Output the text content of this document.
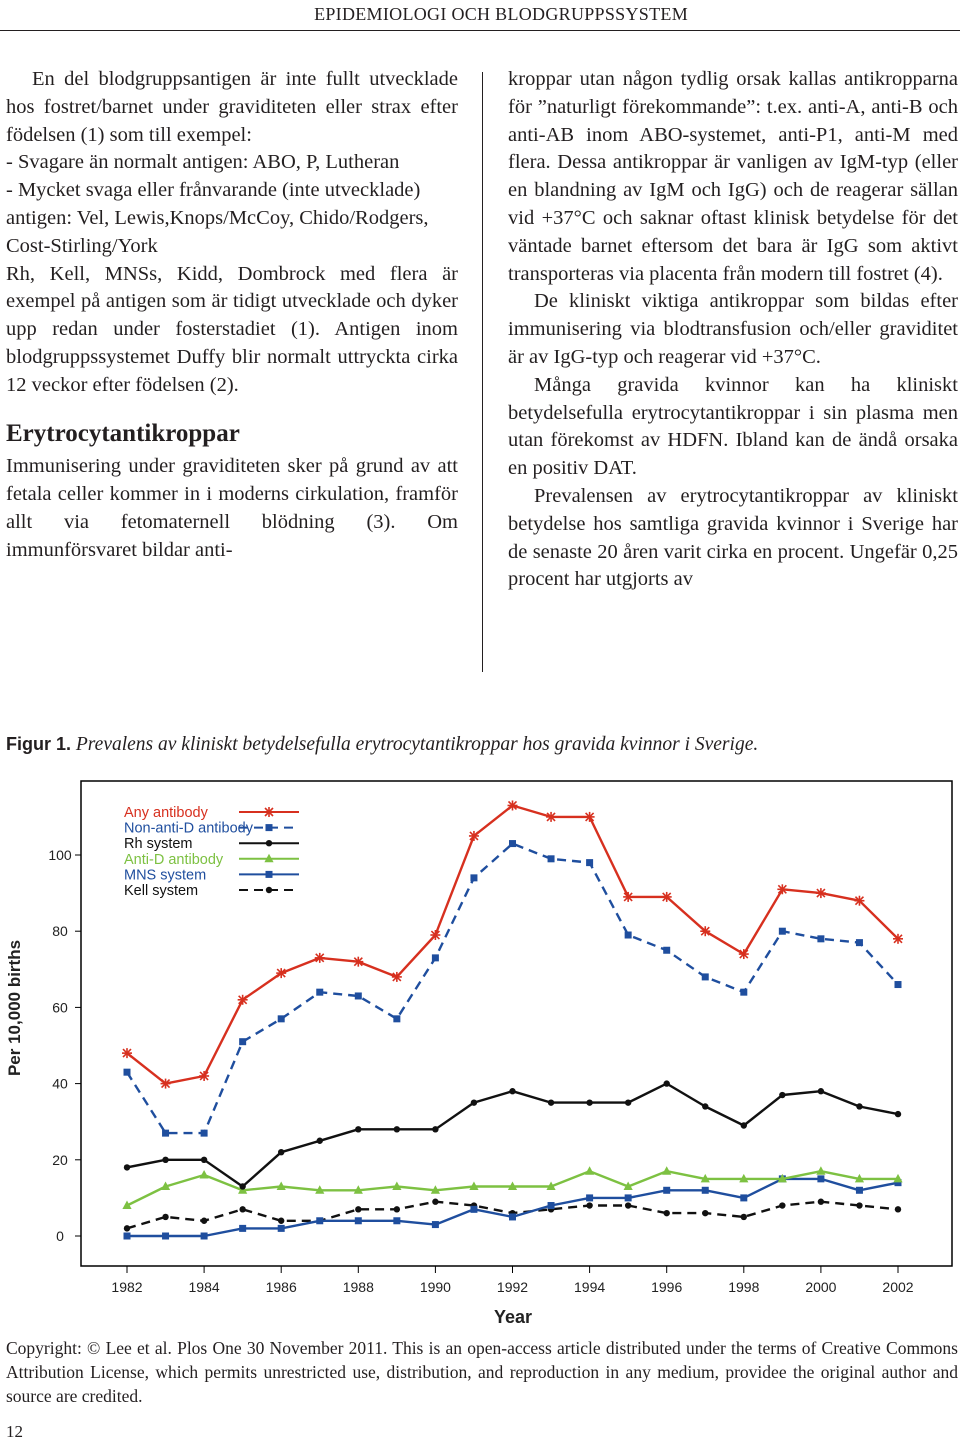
EPIDEMIOLOGI OCH BLODGRUPPSSYSTEM

En del blodgruppsantigen är inte fullt utvecklade hos fostret/barnet under graviditeten eller strax efter födelsen (1) som till exempel:

- Svagare än normalt antigen: ABO, P, Lutheran

- Mycket svaga eller frånvarande (inte utvecklade) antigen: Vel, Lewis,Knops/McCoy, Chido/Rodgers, Cost-Stirling/York

Rh, Kell, MNSs, Kidd, Dombrock med flera är exempel på antigen som är tidigt utvecklade och dyker upp redan under fosterstadiet (1). Antigen inom blodgruppssystemet Duffy blir normalt uttryckta cirka 12 veckor efter födelsen (2).

Erytrocytantikroppar

Immunisering under graviditeten sker på grund av att fetala celler kommer in i moderns cirkulation, framför allt via fetomaternell blödning (3). Om immunförsvaret bildar anti-

kroppar utan någon tydlig orsak kallas antikropparna för ”naturligt förekommande”: t.ex. anti-A, anti-B och anti-AB inom ABO-systemet, anti-P1, anti-M med flera. Dessa antikroppar är vanligen av IgM-typ (eller en blandning av IgM och IgG) och de reagerar sällan vid +37°C och saknar oftast klinisk betydelse för det väntade barnet eftersom det bara är IgG som aktivt transporteras via placenta från modern till fostret (4).

De kliniskt viktiga antikroppar som bildas efter immunisering via blodtransfusion och/eller graviditet är av IgG-typ och reagerar vid +37°C.

Många gravida kvinnor kan ha kliniskt betydelsefulla erytrocytantikroppar i sin plasma men utan förekomst av HDFN. Ibland kan de ändå orsaka en positiv DAT.

Prevalensen av erytrocytantikroppar av kliniskt betydelse hos samtliga gravida kvinnor i Sverige har de senaste 20 åren varit cirka en procent. Ungefär 0,25 procent har utgjorts av

Figur 1. Prevalens av kliniskt betydelsefulla erytrocytantikroppar hos gravida kvinnor i Sverige.
0
20
40
60
80
100
1982	1984	1986	1988	1990	1992	1994	1996	1998	2000	2002
Per 10,000 births
Year
Any antibody
Non-anti-D antibody
Rh system
Anti-D antibody
MNS system
Kell system
Copyright: © Lee et al. Plos One 30 November 2011. This is an open-access article distributed under the terms of Creative Commons Attribution License, which permits unrestricted use, distribution, and reproduction in any medium, providee the original author and source are credited.
12
